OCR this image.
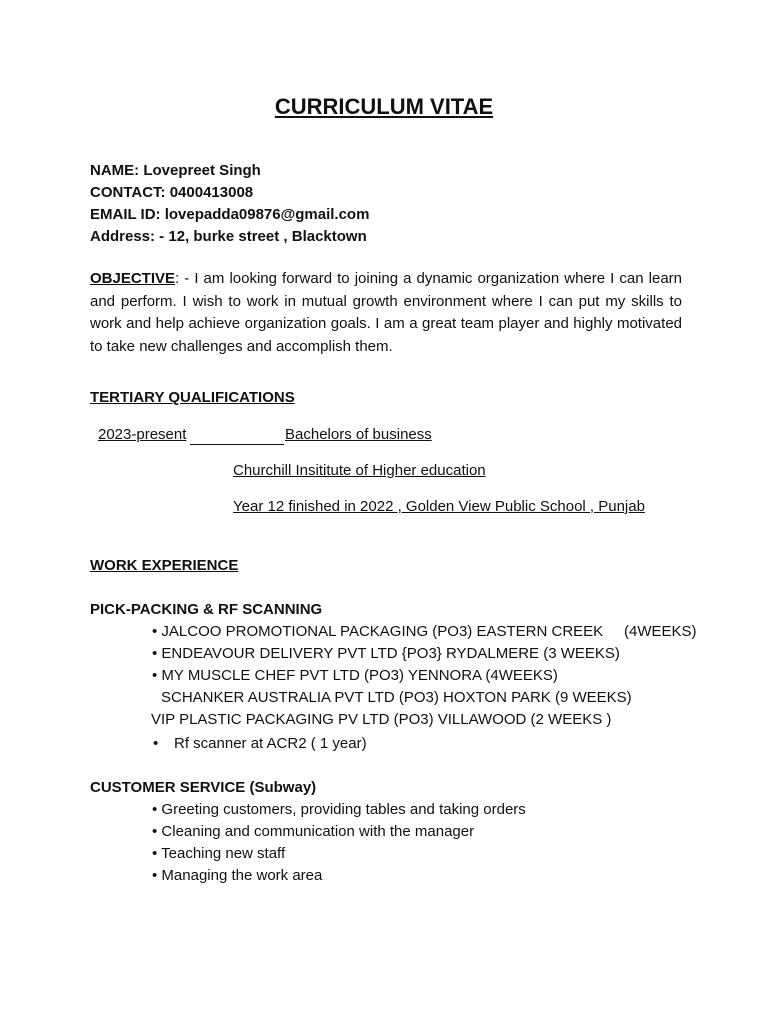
CURRICULUM VITAE
NAME: Lovepreet Singh
CONTACT: 0400413008
EMAIL ID: lovepadda09876@gmail.com
Address: - 12, burke street , Blacktown
OBJECTIVE: - I am looking forward to joining a dynamic organization where I can learn and perform. I wish to work in mutual growth environment where I can put my skills to work and help achieve organization goals. I am a great team player and highly motivated to take new challenges and accomplish them.
TERTIARY QUALIFICATIONS
2023-present	Bachelors of business
Churchill Insititute of Higher education
Year 12 finished in 2022 , Golden View Public School , Punjab
WORK EXPERIENCE
PICK-PACKING & RF SCANNING
• JALCOO PROMOTIONAL PACKAGING (PO3) EASTERN CREEK     (4WEEKS)
• ENDEAVOUR DELIVERY PVT LTD {PO3} RYDALMERE (3 WEEKS)
• MY MUSCLE CHEF PVT LTD (PO3) YENNORA (4WEEKS)
SCHANKER AUSTRALIA PVT LTD (PO3) HOXTON PARK (9 WEEKS)
VIP PLASTIC PACKAGING PV LTD (PO3) VILLAWOOD (2 WEEKS )
• Rf scanner at ACR2 ( 1 year)
CUSTOMER SERVICE (Subway)
• Greeting customers, providing tables and taking orders
• Cleaning and communication with the manager
• Teaching new staff
• Managing the work area
